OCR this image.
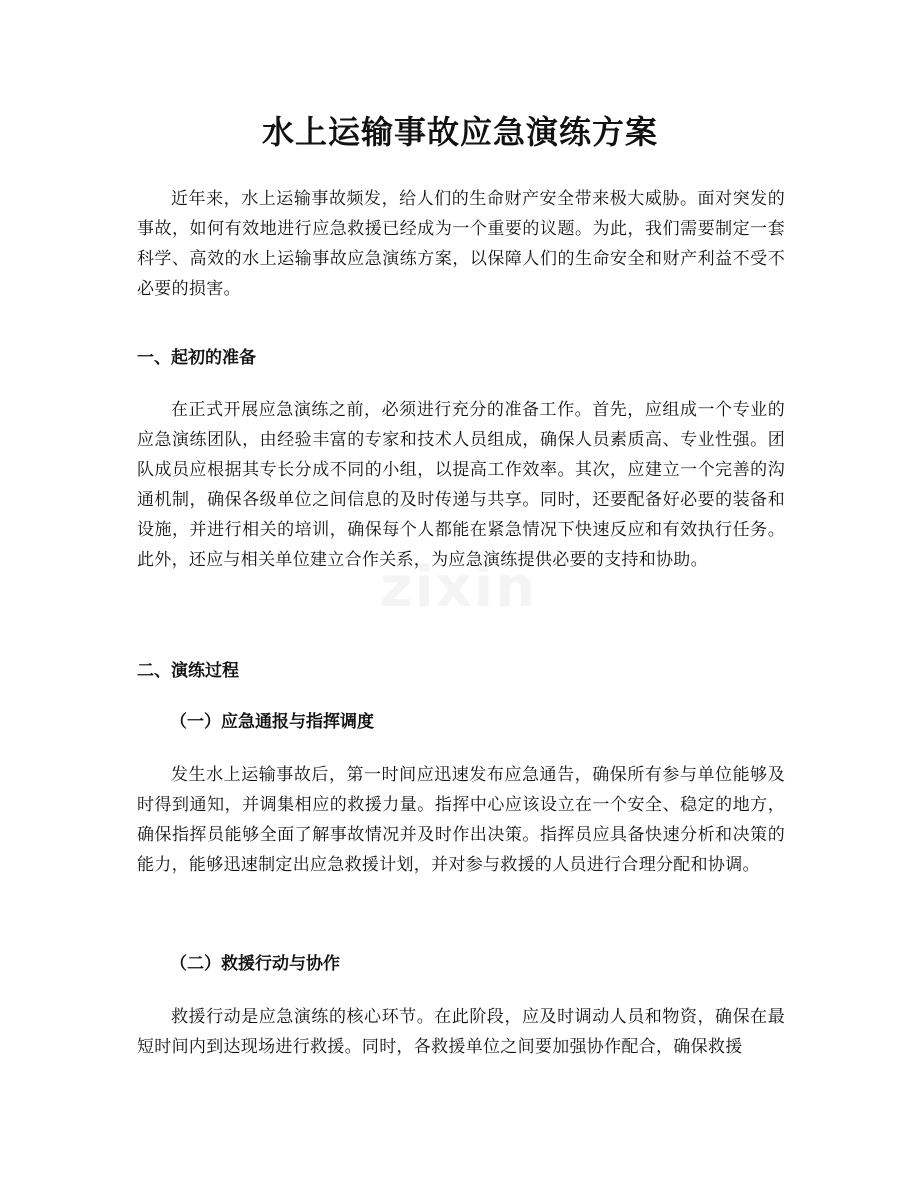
水上运输事故应急演练方案

近年来，水上运输事故频发，给人们的生命财产安全带来极大威胁。面对突发的事故，如何有效地进行应急救援已经成为一个重要的议题。为此，我们需要制定一套科学、高效的水上运输事故应急演练方案，以保障人们的生命安全和财产利益不受不必要的损害。

一、起初的准备

在正式开展应急演练之前，必须进行充分的准备工作。首先，应组成一个专业的应急演练团队，由经验丰富的专家和技术人员组成，确保人员素质高、专业性强。团队成员应根据其专长分成不同的小组，以提高工作效率。其次，应建立一个完善的沟通机制，确保各级单位之间信息的及时传递与共享。同时，还要配备好必要的装备和设施，并进行相关的培训，确保每个人都能在紧急情况下快速反应和有效执行任务。此外，还应与相关单位建立合作关系，为应急演练提供必要的支持和协助。

二、演练过程
（一）应急通报与指挥调度

发生水上运输事故后，第一时间应迅速发布应急通告，确保所有参与单位能够及时得到通知，并调集相应的救援力量。指挥中心应该设立在一个安全、稳定的地方，确保指挥员能够全面了解事故情况并及时作出决策。指挥员应具备快速分析和决策的能力，能够迅速制定出应急救援计划，并对参与救援的人员进行合理分配和协调。

（二）救援行动与协作

救援行动是应急演练的核心环节。在此阶段，应及时调动人员和物资，确保在最短时间内到达现场进行救援。同时，各救援单位之间要加强协作配合，确保救援
